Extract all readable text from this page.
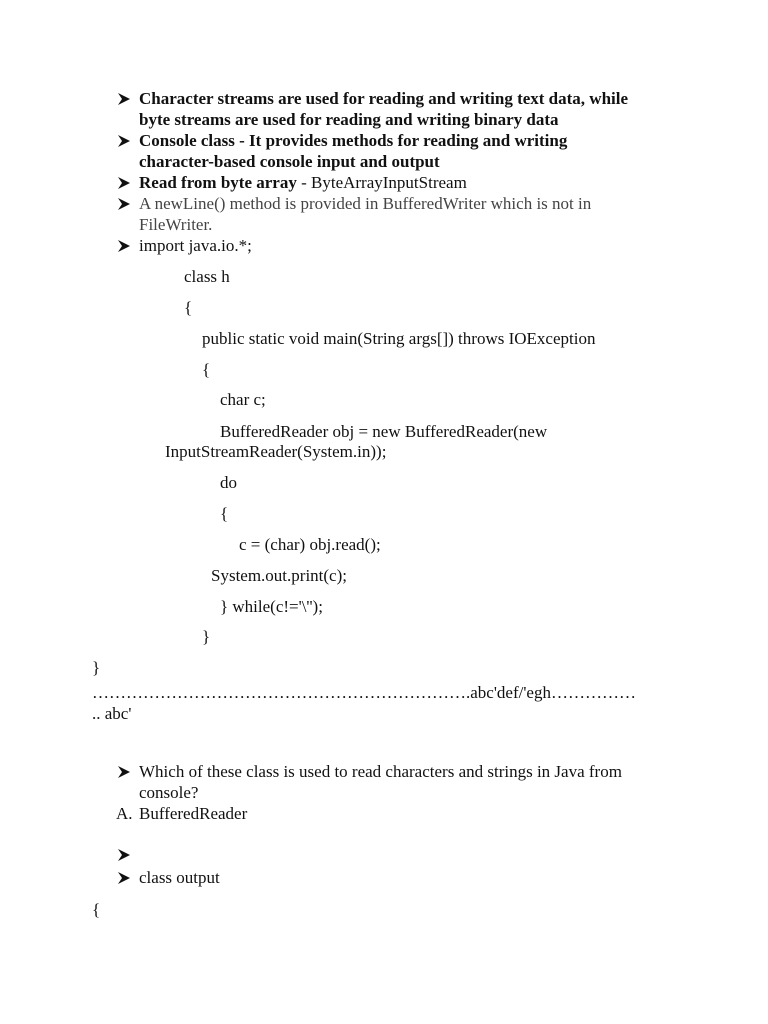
Character streams are used for reading and writing text data, while
byte streams are used for reading and writing binary data
Console class - It provides methods for reading and writing
character-based console input and output
Read from byte array - ByteArrayInputStream
A newLine() method is provided in BufferedWriter which is not in
FileWriter.
import java.io.*;
class h
{
public static void main(String args[]) throws IOException
{
char c;
BufferedReader obj = new BufferedReader(new
InputStreamReader(System.in));
do
{
c = (char) obj.read();
System.out.print(c);
} while(c!='\'');
}
}
………………………………………………………….abc'def/'egh……………
.. abc'
Which of these class is used to read characters and strings in Java from
console?
A. BufferedReader
class output
{
